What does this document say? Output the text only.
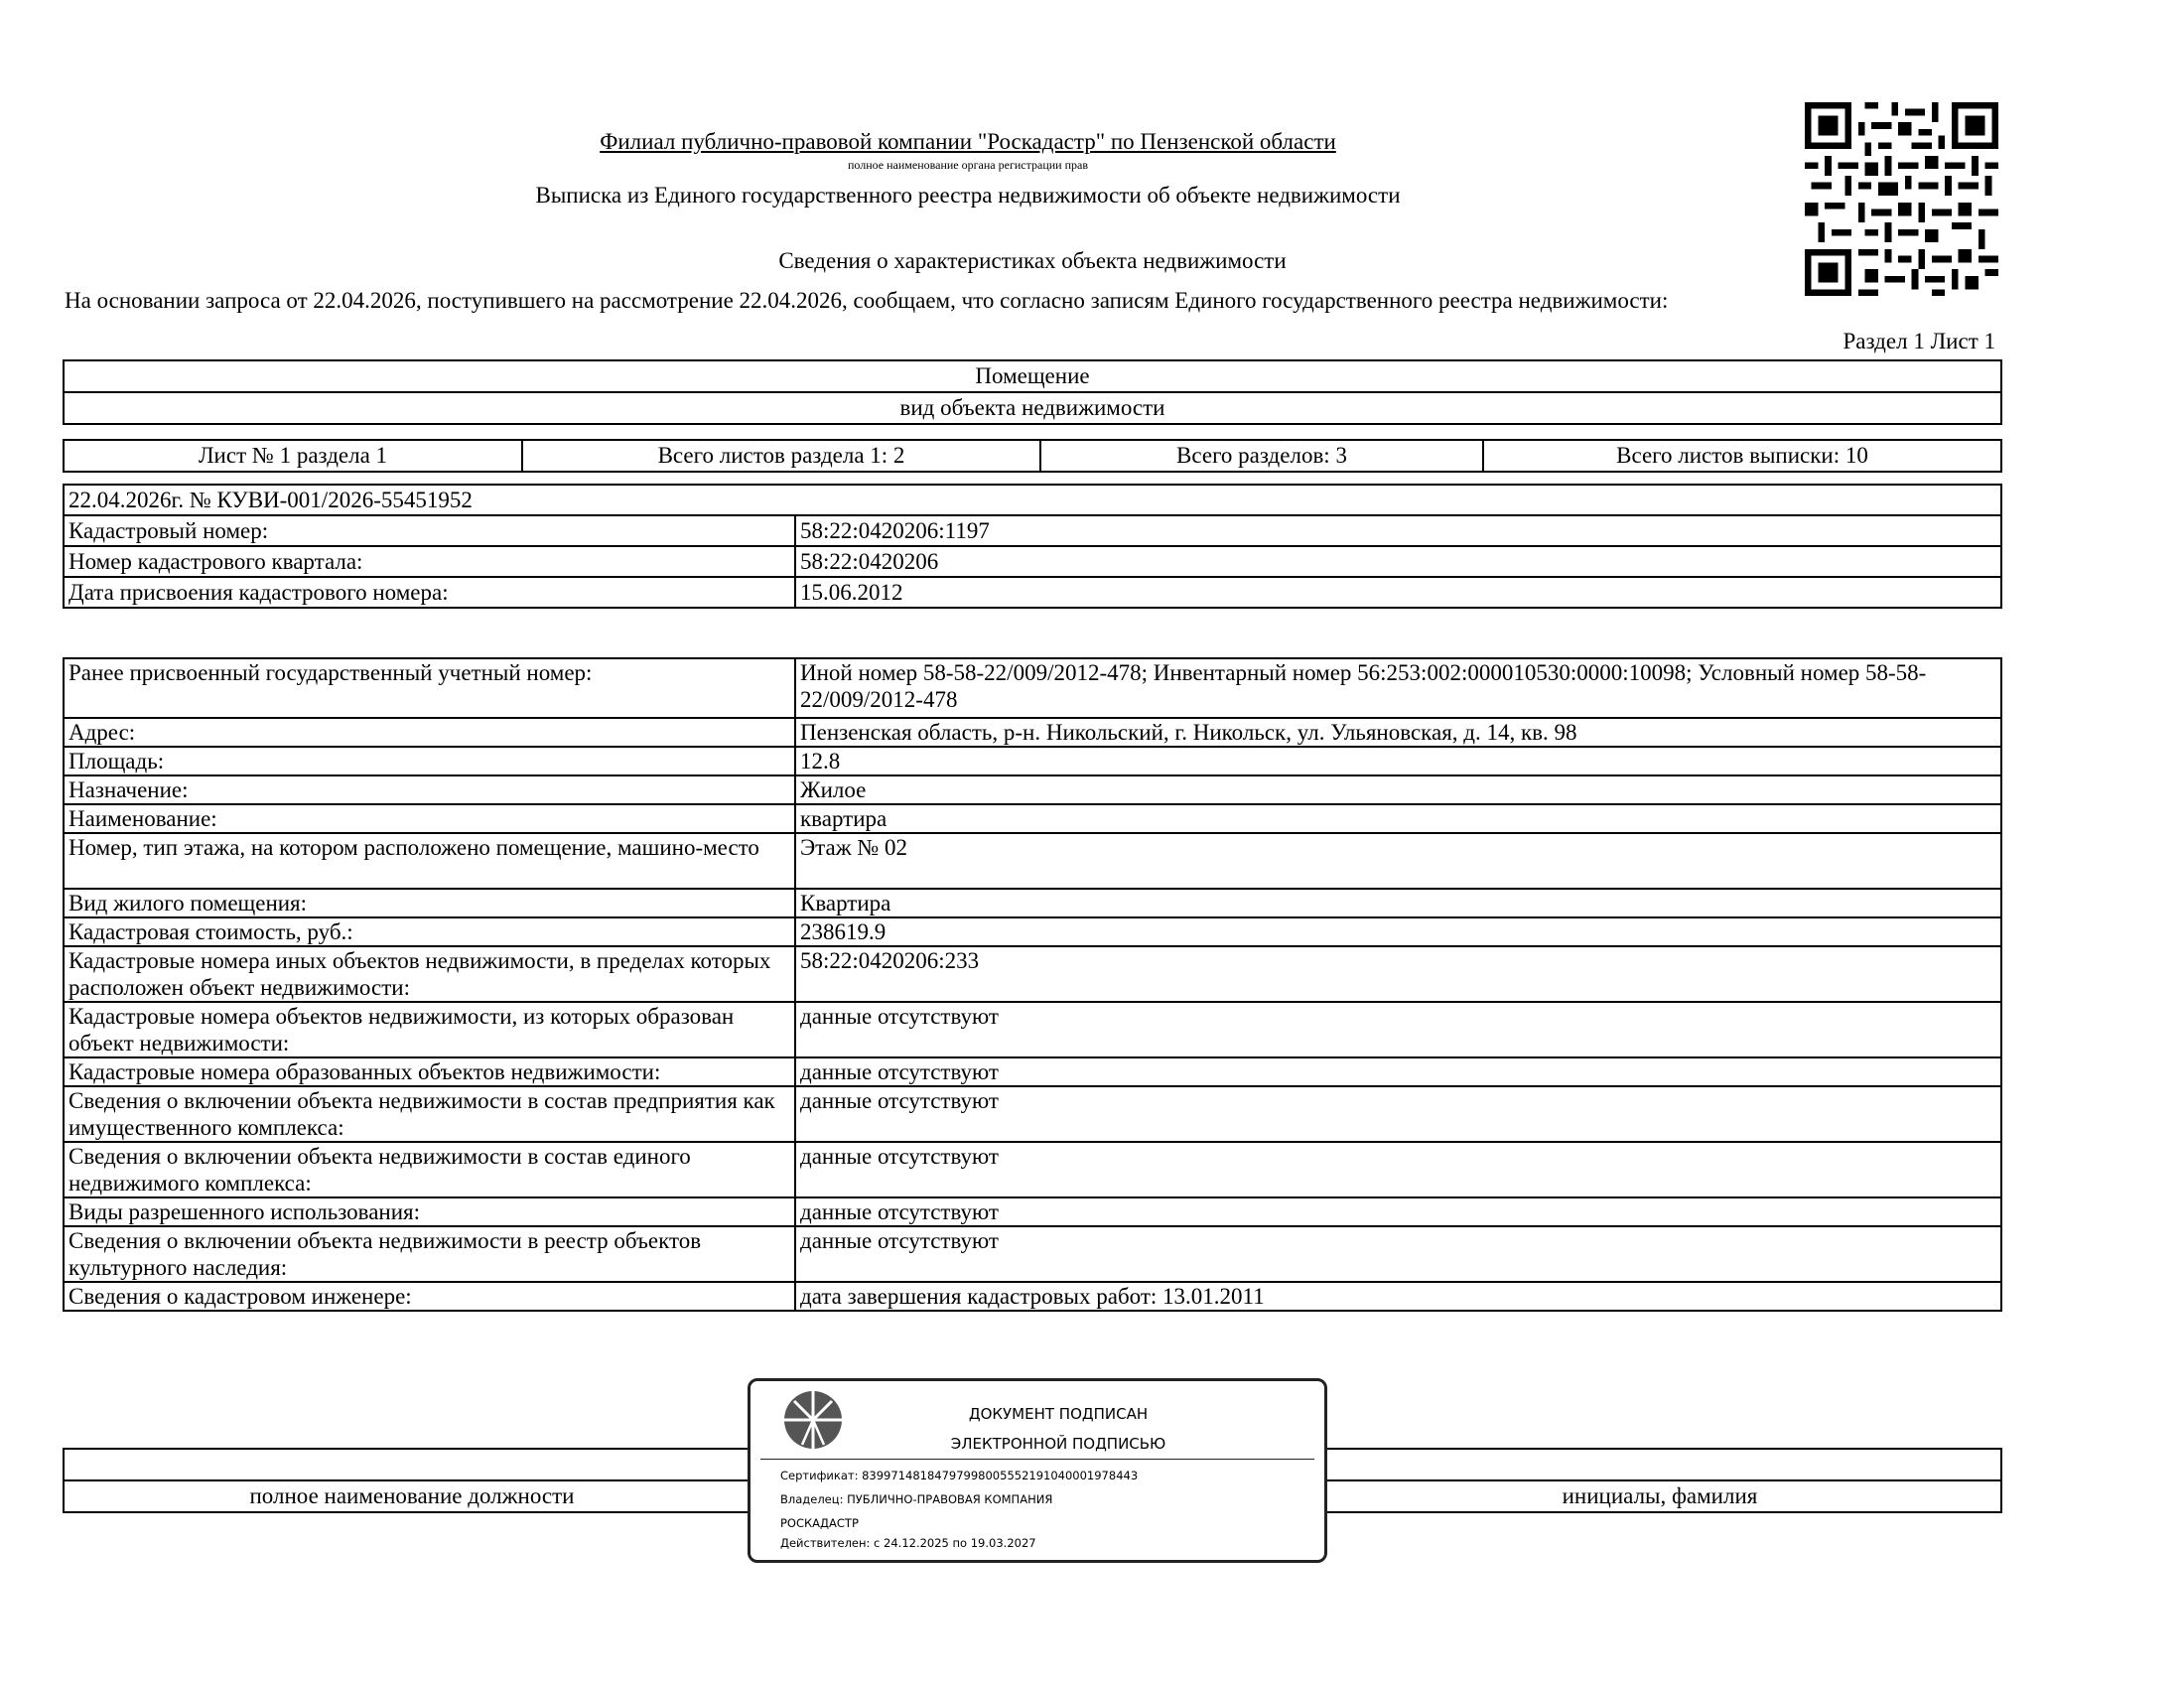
Филиал публично-правовой компании "Роскадастр" по Пензенской области
полное наименование органа регистрации прав
Выписка из Единого государственного реестра недвижимости об объекте недвижимости
Сведения о характеристиках объекта недвижимости
На основании запроса от 22.04.2026, поступившего на рассмотрение 22.04.2026, сообщаем, что согласно записям Единого государственного реестра недвижимости:
Раздел 1 Лист 1
Помещение
вид объекта недвижимости
Лист № 1 раздела 1	Всего листов раздела 1: 2	Всего разделов: 3	Всего листов выписки: 10
22.04.2026г. № КУВИ-001/2026-55451952	
Кадастровый номер:	58:22:0420206:1197
Номер кадастрового квартала:	58:22:0420206
Дата присвоения кадастрового номера:	15.06.2012
Ранее присвоенный государственный учетный номер:	Иной номер 58-58-22/009/2012-478; Инвентарный номер 56:253:002:000010530:0000:10098; Условный номер 58-58-22/009/2012-478
Адрес:	Пензенская область, р-н. Никольский, г. Никольск, ул. Ульяновская, д. 14, кв. 98
Площадь:	12.8
Назначение:	Жилое
Наименование:	квартира
Номер, тип этажа, на котором расположено помещение, машино-место	Этаж № 02
Вид жилого помещения:	Квартира
Кадастровая стоимость, руб.:	238619.9
Кадастровые номера иных объектов недвижимости, в пределах которых расположен объект недвижимости:	58:22:0420206:233
Кадастровые номера объектов недвижимости, из которых образован объект недвижимости:	данные отсутствуют
Кадастровые номера образованных объектов недвижимости:	данные отсутствуют
Сведения о включении объекта недвижимости в состав предприятия как имущественного комплекса:	данные отсутствуют
Сведения о включении объекта недвижимости в состав единого недвижимого комплекса:	данные отсутствуют
Виды разрешенного использования:	данные отсутствуют
Сведения о включении объекта недвижимости в реестр объектов культурного наследия:	данные отсутствуют
Сведения о кадастровом инженере:	дата завершения кадастровых работ: 13.01.2011

полное наименование должности		инициалы, фамилия
ДОКУМЕНТ ПОДПИСАН
ЭЛЕКТРОННОЙ ПОДПИСЬЮ
Сертификат: 839971481847979980055521910400019784​43
Владелец: ПУБЛИЧНО-ПРАВОВАЯ КОМПАНИЯ
РОСКАДАСТР
Действителен: с 24.12.2025 по 19.03.2027
